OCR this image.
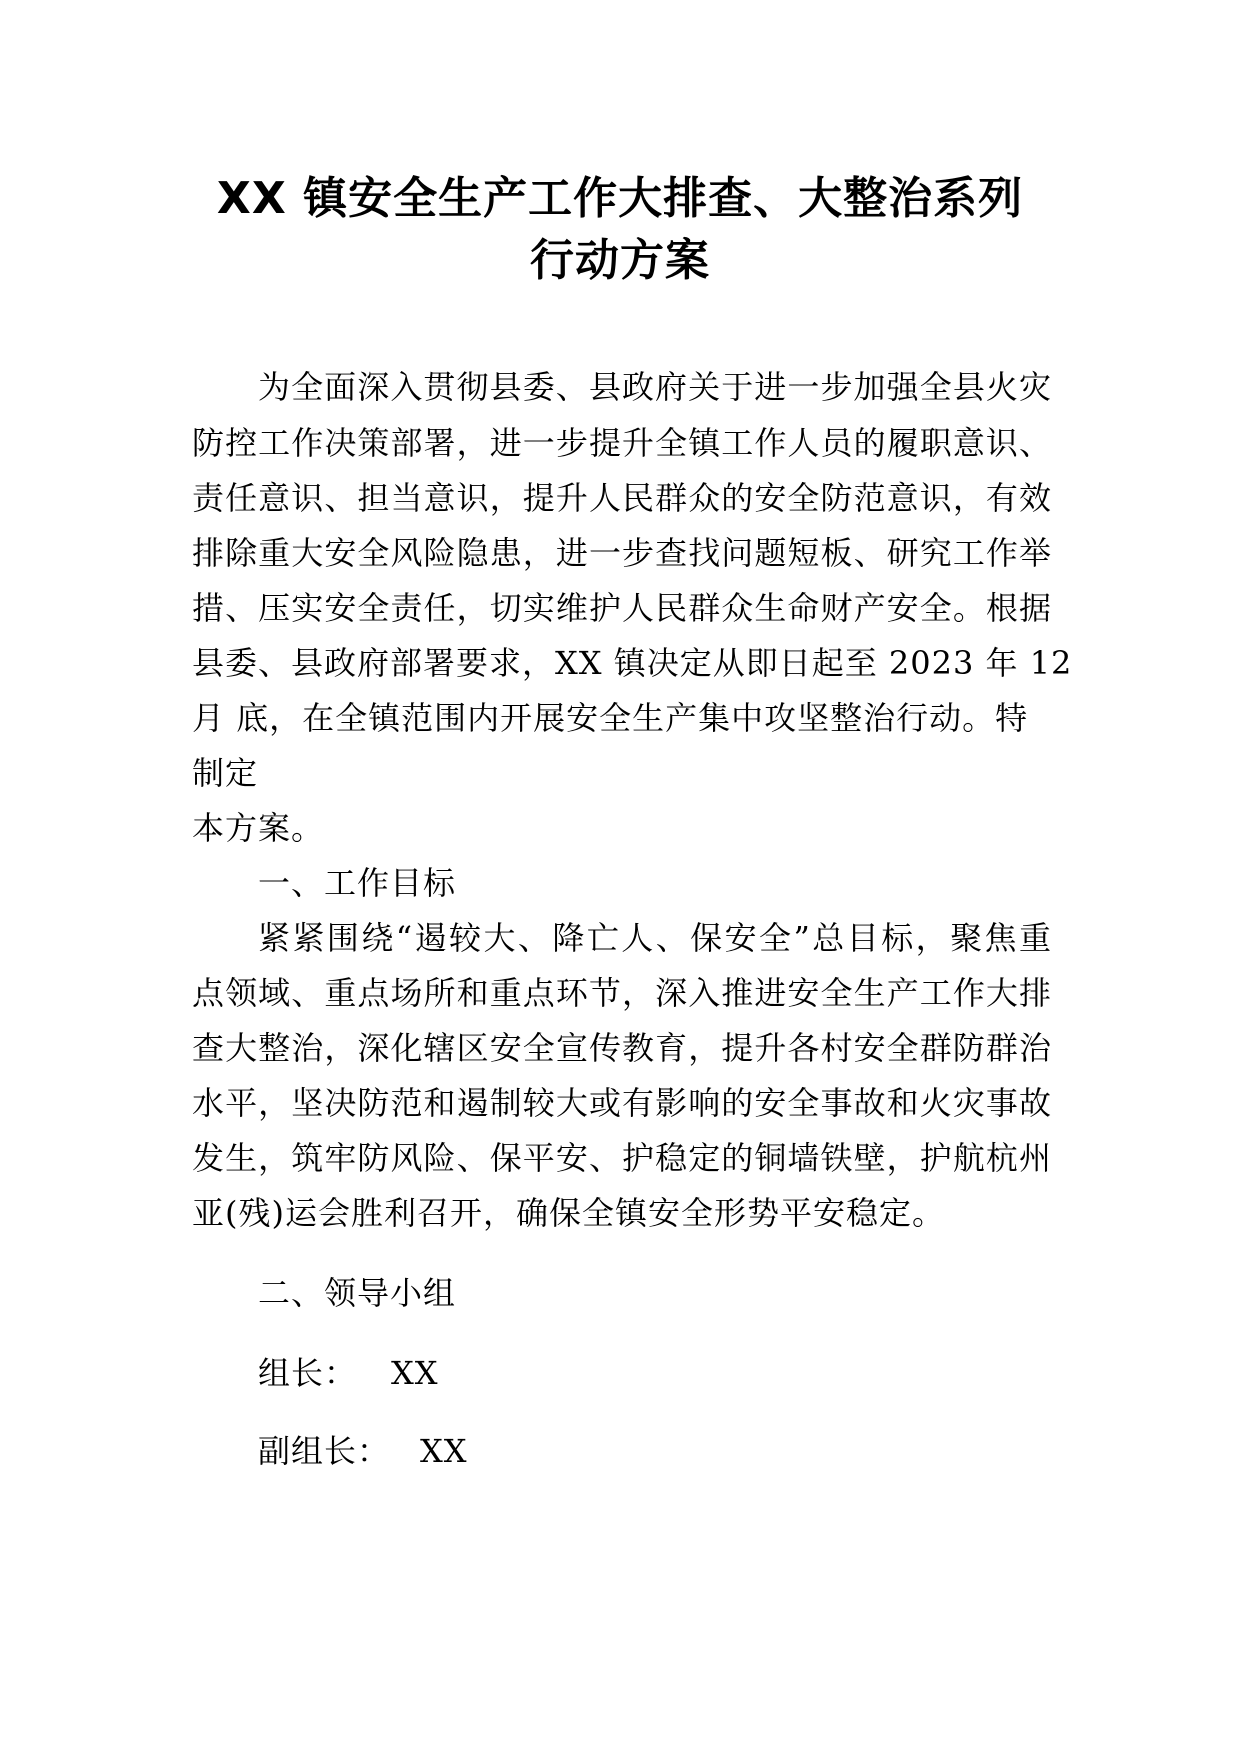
XX 镇安全生产工作大排查、大整治系列
行动方案
为全面深入贯彻县委、县政府关于进一步加强全县火灾
防控工作决策部署，进一步提升全镇工作人员的履职意识、
责任意识、担当意识，提升人民群众的安全防范意识，有效
排除重大安全风险隐患，进一步查找问题短板、研究工作举
措、压实安全责任，切实维护人民群众生命财产安全。根据
县委、县政府部署要求，XX 镇决定从即日起至 2023 年 12
月 底，在全镇范围内开展安全生产集中攻坚整治行动。特
制定
本方案。
一、工作目标
紧紧围绕“遏较大、降亡人、保安全”总目标，聚焦重
点领域、重点场所和重点环节，深入推进安全生产工作大排
查大整治，深化辖区安全宣传教育，提升各村安全群防群治
水平，坚决防范和遏制较大或有影响的安全事故和火灾事故
发生，筑牢防风险、保平安、护稳定的铜墙铁壁，护航杭州
亚(残)运会胜利召开，确保全镇安全形势平安稳定。
二、领导小组
组长： XX
副组长： XX
